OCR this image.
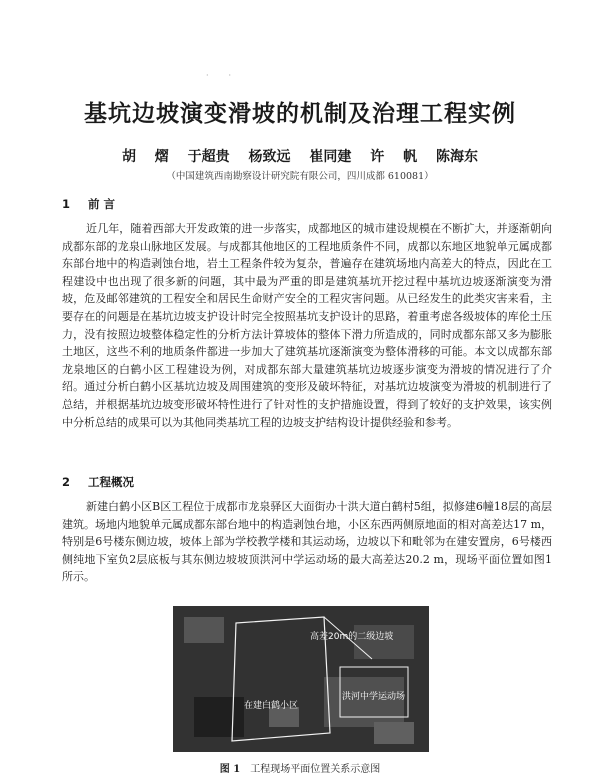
·　·
基坑边坡演变滑坡的机制及治理工程实例
胡 熠 于超贵 杨致远 崔同建 许 帆 陈海东
（中国建筑西南勘察设计研究院有限公司，四川成都 610081）
1 前 言

近几年，随着西部大开发政策的进一步落实，成都地区的城市建设规模在不断扩大，并逐渐朝向成都东部的龙泉山脉地区发展。与成都其他地区的工程地质条件不同，成都以东地区地貌单元属成都东部台地中的构造剥蚀台地，岩土工程条件较为复杂，普遍存在建筑场地内高差大的特点，因此在工程建设中也出现了很多新的问题，其中最为严重的即是建筑基坑开挖过程中基坑边坡逐渐演变为滑坡，危及邮邻建筑的工程安全和居民生命财产安全的工程灾害问题。从已经发生的此类灾害来看，主要存在的问题是在基坑边坡支护设计时完全按照基坑支护设计的思路，着重考虑各级坡体的库伦土压力，没有按照边坡整体稳定性的分析方法计算坡体的整体下滑力所造成的，同时成都东部又多为膨胀土地区，这些不利的地质条件都进一步加大了建筑基坑逐渐演变为整体滑移的可能。本文以成都东部龙泉地区的白鹤小区工程建设为例，对成都东部大量建筑基坑边坡逐步演变为滑坡的情况进行了介绍。通过分析白鹤小区基坑边坡及周围建筑的变形及破坏特征，对基坑边坡演变为滑坡的机制进行了总结，并根据基坑边坡变形破坏特性进行了针对性的支护措施设置，得到了较好的支护效果，该实例中分析总结的成果可以为其他同类基坑工程的边坡支护结构设计提供经验和参考。

2 工程概况

新建白鹤小区B区工程位于成都市龙泉驿区大面街办十洪大道白鹤村5组，拟修建6幢18层的高层建筑。场地内地貌单元属成都东部台地中的构造剥蚀台地，小区东西两侧原地面的相对高差达17 m，特别是6号楼东侧边坡，坡体上部为学校教学楼和其运动场，边坡以下和毗邻为在建安置房，6号楼西侧纯地下室负2层底板与其东侧边坡坡顶洪河中学运动场的最大高差达20.2 m，现场平面位置如图1所示。

高差20m的二级边坡
洪河中学运动场
在建白鹤小区
图 1 工程现场平面位置关系示意图
